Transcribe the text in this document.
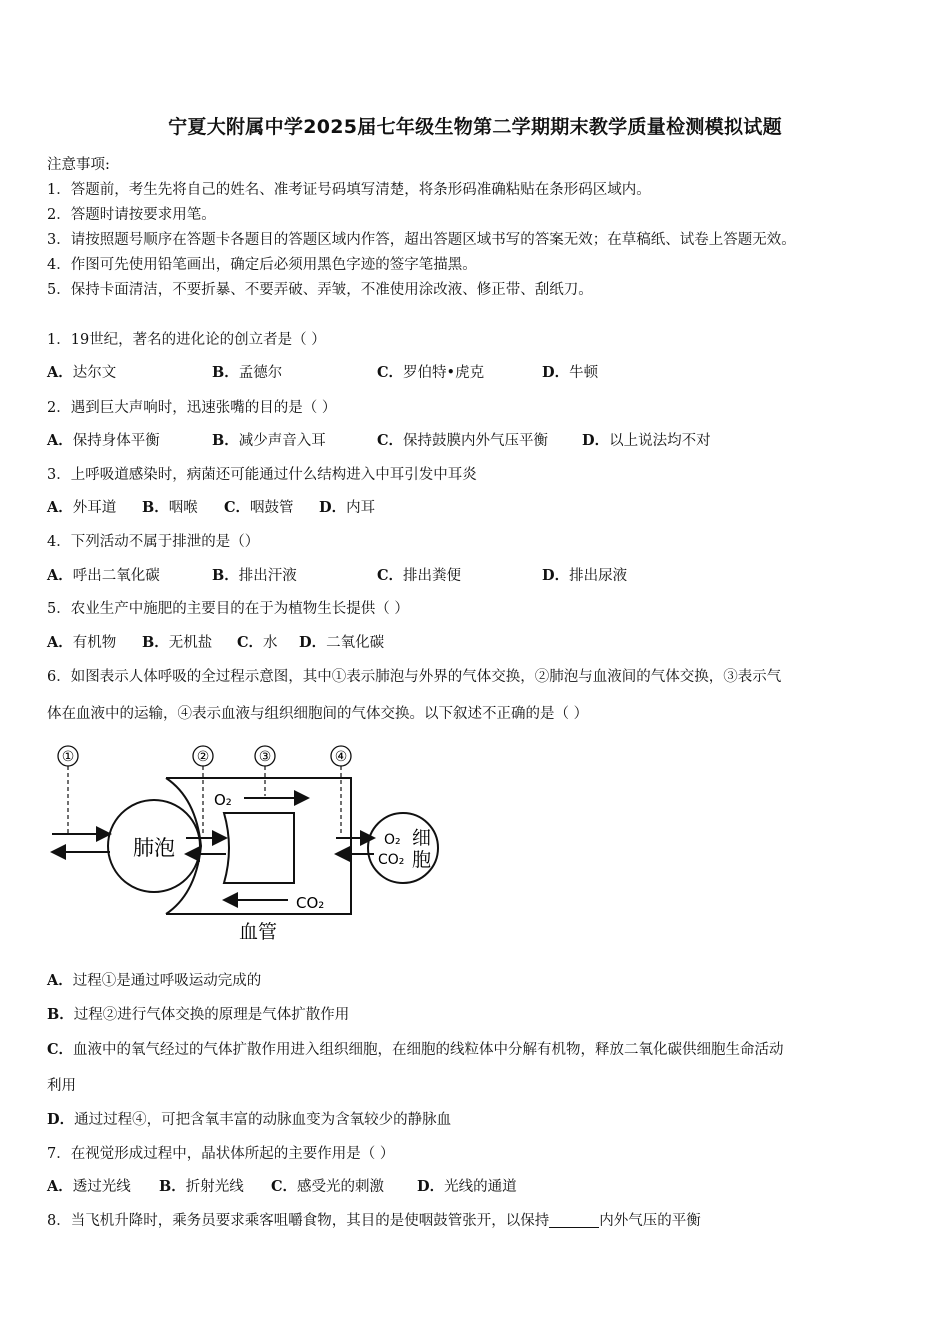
宁夏大附属中学2025届七年级生物第二学期期末教学质量检测模拟试题
注意事项:
1．答题前，考生先将自己的姓名、准考证号码填写清楚，将条形码准确粘贴在条形码区域内。
2．答题时请按要求用笔。
3．请按照题号顺序在答题卡各题目的答题区域内作答，超出答题区域书写的答案无效；在草稿纸、试卷上答题无效。
4．作图可先使用铅笔画出，确定后必须用黑色字迹的签字笔描黑。
5．保持卡面清洁，不要折暴、不要弄破、弄皱，不准使用涂改液、修正带、刮纸刀。
1．19世纪，著名的进化论的创立者是（ ）
A．达尔文	B．孟德尔	C．罗伯特•虎克	D．牛顿
2．遇到巨大声响时，迅速张嘴的目的是（ ）
A．保持身体平衡	B．减少声音入耳	C．保持鼓膜内外气压平衡 D．以上说法均不对
3．上呼吸道感染时，病菌还可能通过什么结构进入中耳引发中耳炎
A．外耳道 B．咽喉 C．咽鼓管 D．内耳
4．下列活动不属于排泄的是（）
A．呼出二氧化碳	B．排出汗液	C．排出粪便	D．排出尿液
5．农业生产中施肥的主要目的在于为植物生长提供（ ）
A．有机物 B．无机盐 C．水 D．二氧化碳
6．如图表示人体呼吸的全过程示意图，其中①表示肺泡与外界的气体交换，②肺泡与血液间的气体交换，③表示气
体在血液中的运输，④表示血液与组织细胞间的气体交换。以下叙述不正确的是（ ）
①	②	③	④
肺泡
O₂
CO₂
O₂
CO₂
细
胞
血管
A．过程①是通过呼吸运动完成的
B．过程②进行气体交换的原理是气体扩散作用
C．血液中的氧气经过的气体扩散作用进入组织细胞，在细胞的线粒体中分解有机物，释放二氧化碳供细胞生命活动
利用
D．通过过程④，可把含氧丰富的动脉血变为含氧较少的静脉血
7．在视觉形成过程中，晶状体所起的主要作用是（ ）
A．透过光线 B．折射光线 C．感受光的刺激 D．光线的通道
8．当飞机升降时，乘务员要求乘客咀嚼食物，其目的是使咽鼓管张开，以保持	内外气压的平衡
